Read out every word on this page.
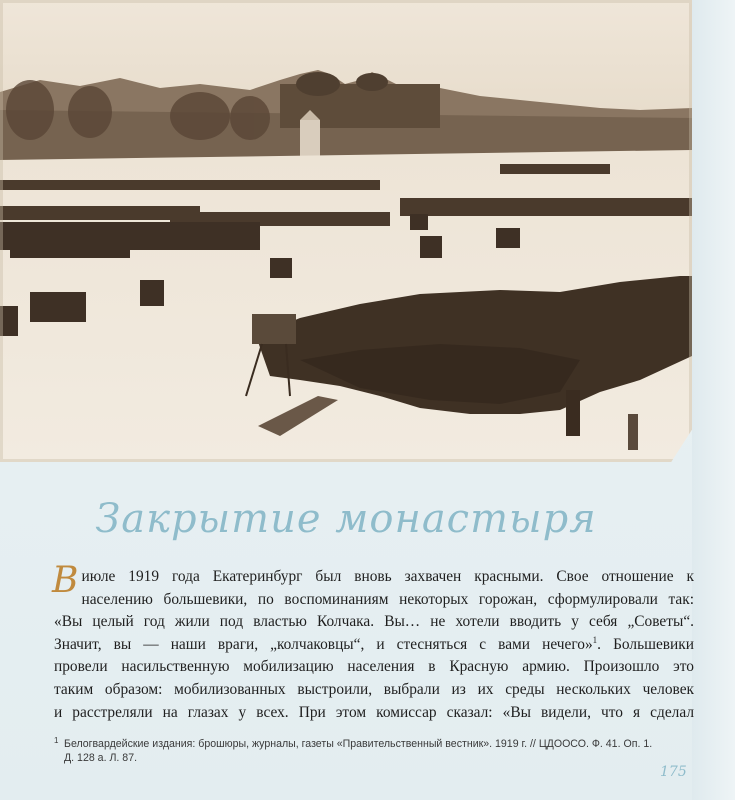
Закрытие монастыря
В июле 1919 года Екатеринбург был вновь захвачен красными. Свое отношение к
населению большевики, по воспоминаниям некоторых горожан, сформулировали так:
«Вы целый год жили под властью Колчака. Вы… не хотели вводить у себя „Советы“.
Значит, вы — наши враги, „колчаковцы“, и стесняться с вами нечего»$^1$. Большевики
провели насильственную мобилизацию населения в Красную армию. Произошло это
таким образом: мобилизованных выстроили, выбрали из их среды нескольких человек
и расстреляли на глазах у всех. При этом комиссар сказал: «Вы видели, что я сделал
1 Белогвардейские издания: брошюры, журналы, газеты «Правительственный вестник». 1919 г. // ЦДООСО. Ф. 41. Оп. 1.
Д. 128 а. Л. 87.
175
